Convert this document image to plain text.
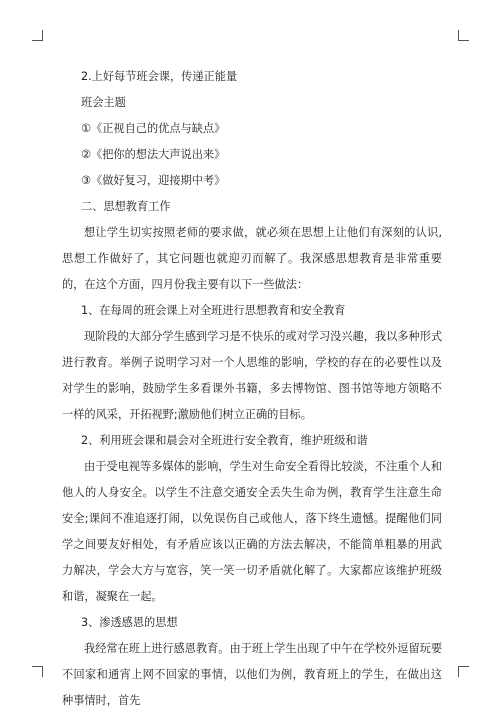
2.上好每节班会课，传递正能量
班会主题
①《正视自己的优点与缺点》
②《把你的想法大声说出来》
③《做好复习，迎接期中考》
二、思想教育工作
想让学生切实按照老师的要求做，就必须在思想上让他们有深刻的认识,思想工作做好了，其它问题也就迎刃而解了。我深感思想教育是非常重要的，在这个方面，四月份我主要有以下一些做法：
1、在每周的班会课上对全班进行思想教育和安全教育
现阶段的大部分学生感到学习是不快乐的或对学习没兴趣，我以多种形式进行教育。举例子说明学习对一个人思维的影响，学校的存在的必要性以及对学生的影响，鼓励学生多看课外书籍，多去博物馆、图书馆等地方领略不一样的风采，开拓视野;激励他们树立正确的目标。
2、利用班会课和晨会对全班进行安全教育，维护班级和谐
由于受电视等多媒体的影响，学生对生命安全看得比较淡，不注重个人和他人的人身安全。以学生不注意交通安全丢失生命为例，教育学生注意生命安全;课间不准追逐打闹，以免误伤自己或他人，落下终生遗憾。提醒他们同学之间要友好相处，有矛盾应该以正确的方法去解决，不能简单粗暴的用武力解决，学会大方与宽容，笑一笑一切矛盾就化解了。大家都应该维护班级和谐，凝聚在一起。
3、渗透感恩的思想
我经常在班上进行感恩教育。由于班上学生出现了中午在学校外逗留玩要不回家和通宵上网不回家的事情，以他们为例，教育班上的学生，在做出这种事情时，首先
